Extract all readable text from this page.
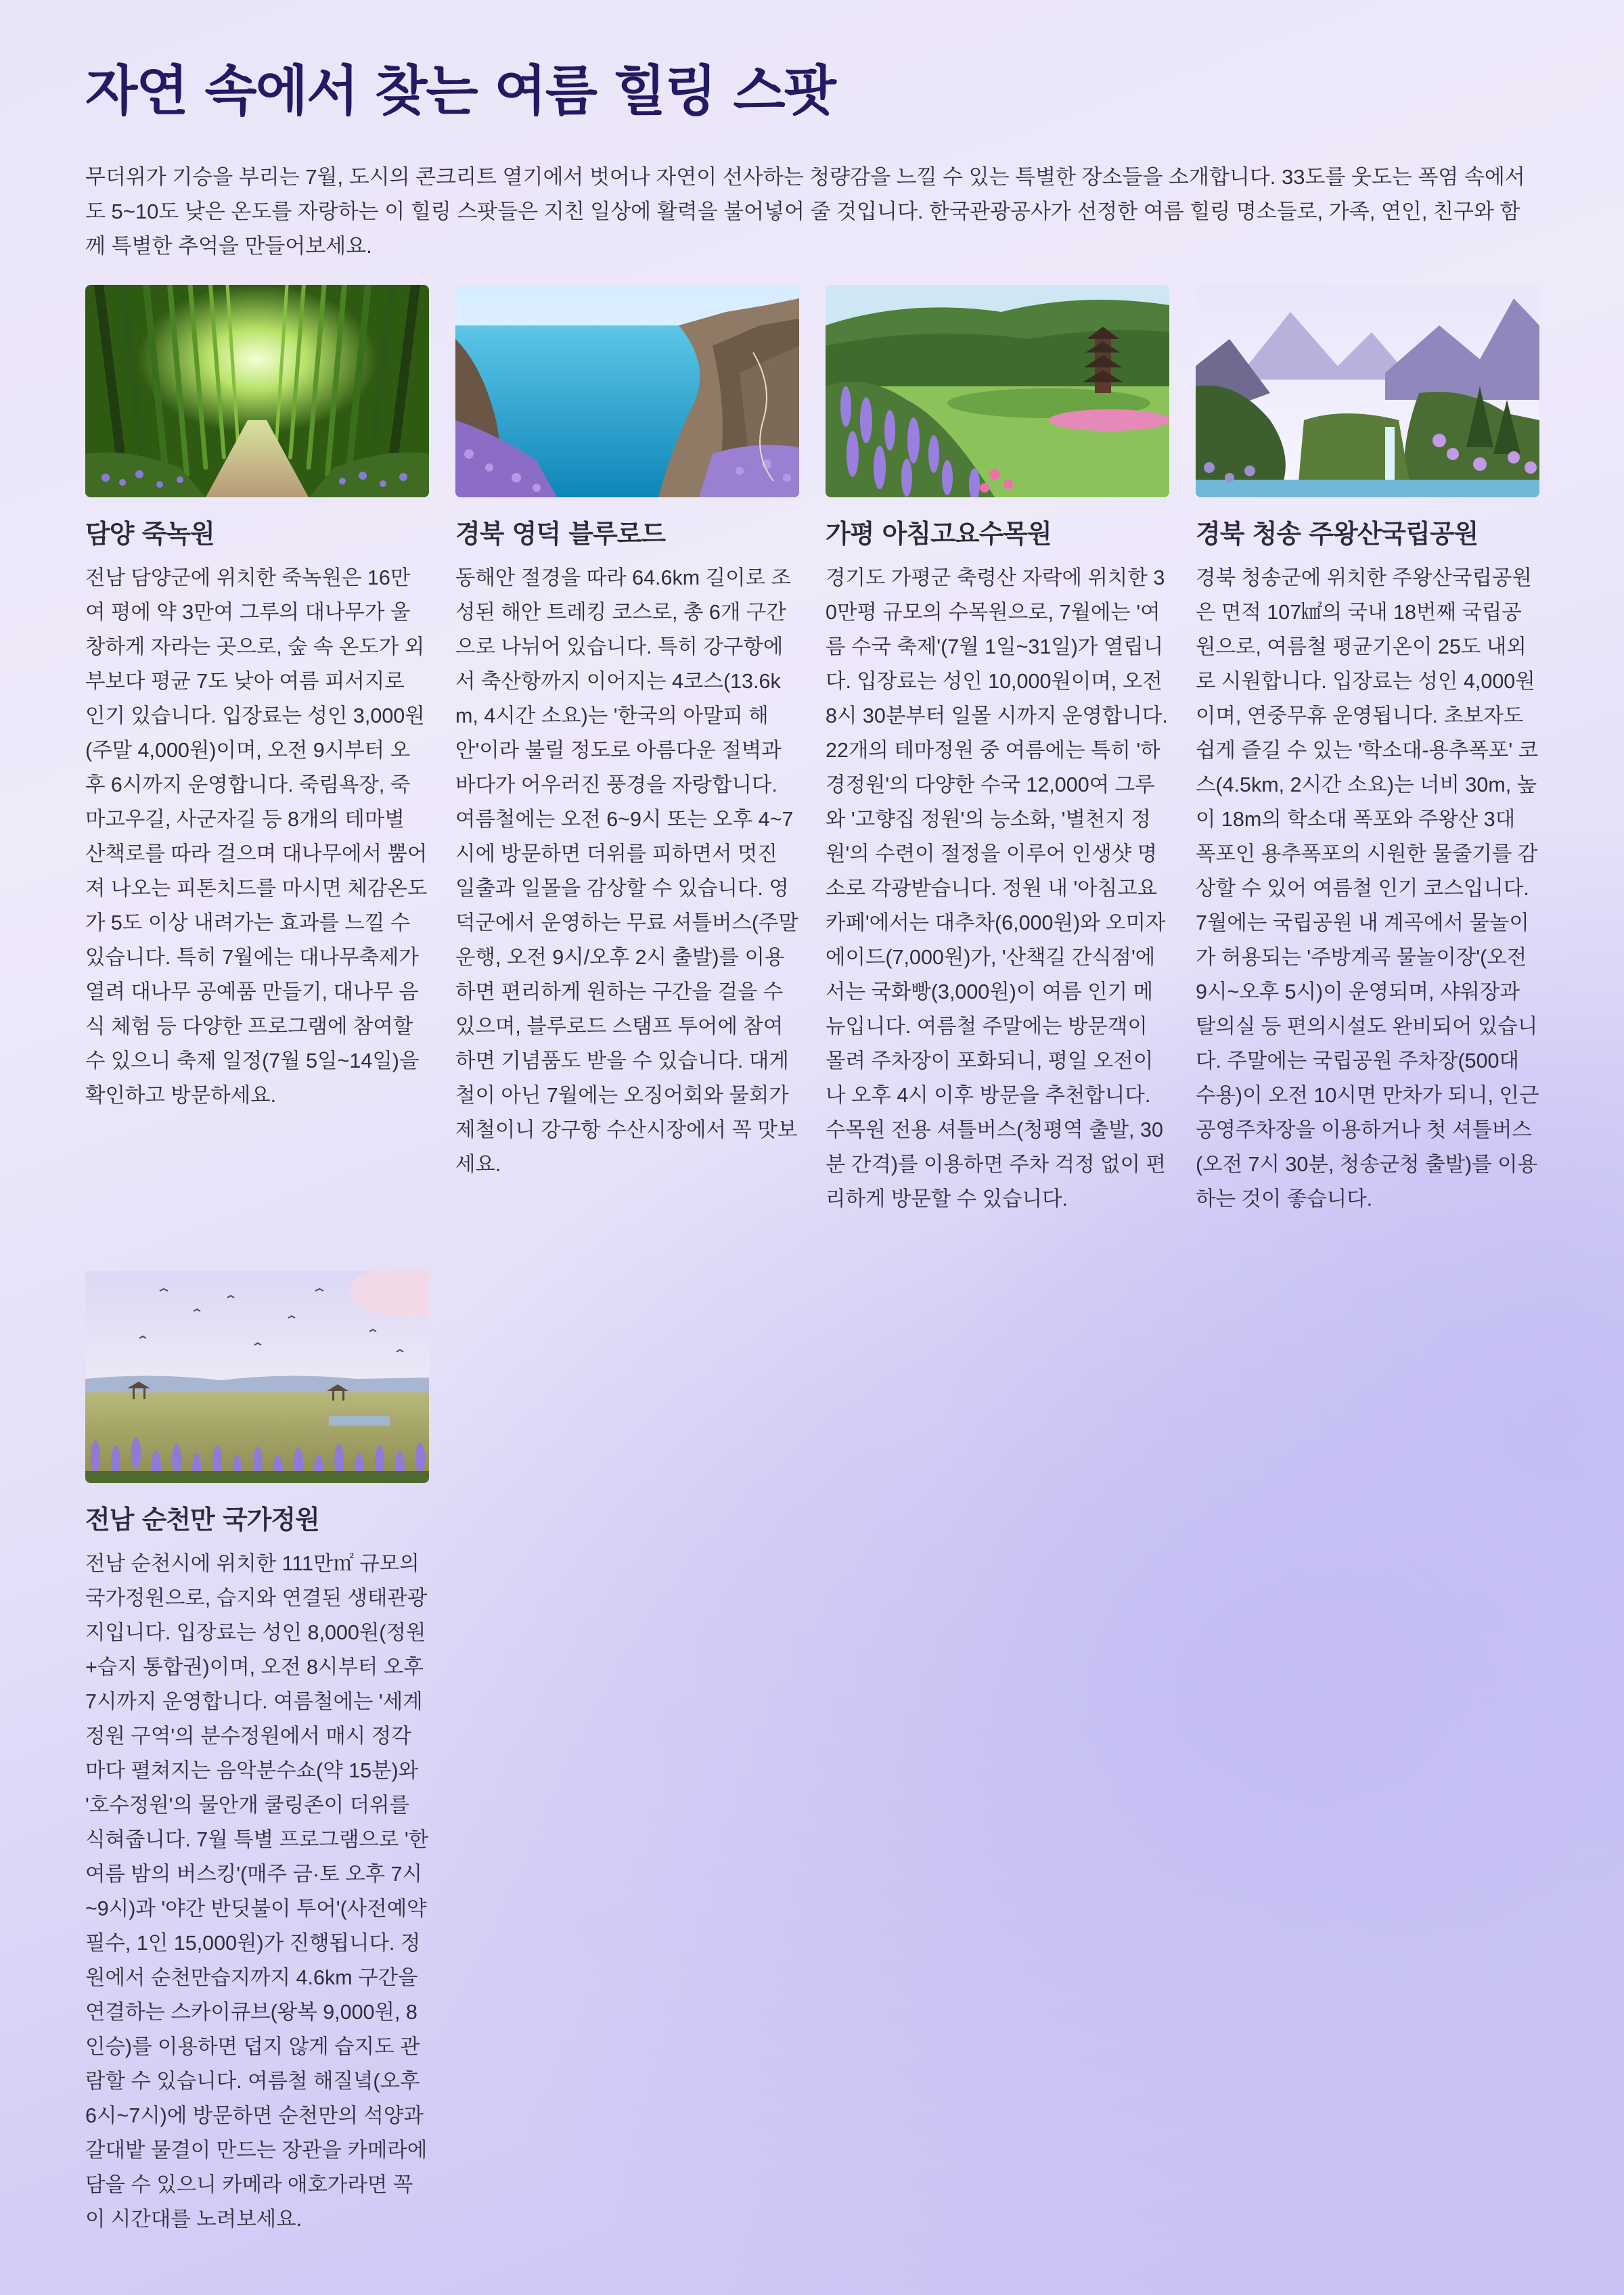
자연 속에서 찾는 여름 힐링 스팟

무더위가 기승을 부리는 7월, 도시의 콘크리트 열기에서 벗어나 자연이 선사하는 청량감을 느낄 수 있는 특별한 장소들을 소개합니다. 33도를 웃도는 폭염 속에서도 5~10도 낮은 온도를 자랑하는 이 힐링 스팟들은 지친 일상에 활력을 불어넣어 줄 것입니다. 한국관광공사가 선정한 여름 힐링 명소들로, 가족, 연인, 친구와 함께 특별한 추억을 만들어보세요.

담양 죽녹원

전남 담양군에 위치한 죽녹원은 16만여 평에 약 3만여 그루의 대나무가 울창하게 자라는 곳으로, 숲 속 온도가 외부보다 평균 7도 낮아 여름 피서지로 인기 있습니다. 입장료는 성인 3,000원(주말 4,000원)이며, 오전 9시부터 오후 6시까지 운영합니다. 죽림욕장, 죽마고우길, 사군자길 등 8개의 테마별 산책로를 따라 걸으며 대나무에서 뿜어져 나오는 피톤치드를 마시면 체감온도가 5도 이상 내려가는 효과를 느낄 수 있습니다. 특히 7월에는 대나무축제가 열려 대나무 공예품 만들기, 대나무 음식 체험 등 다양한 프로그램에 참여할 수 있으니 축제 일정(7월 5일~14일)을 확인하고 방문하세요.

경북 영덕 블루로드

동해안 절경을 따라 64.6km 길이로 조성된 해안 트레킹 코스로, 총 6개 구간으로 나뉘어 있습니다. 특히 강구항에서 축산항까지 이어지는 4코스(13.6km, 4시간 소요)는 '한국의 아말피 해안'이라 불릴 정도로 아름다운 절벽과 바다가 어우러진 풍경을 자랑합니다. 여름철에는 오전 6~9시 또는 오후 4~7시에 방문하면 더위를 피하면서 멋진 일출과 일몰을 감상할 수 있습니다. 영덕군에서 운영하는 무료 셔틀버스(주말 운행, 오전 9시/오후 2시 출발)를 이용하면 편리하게 원하는 구간을 걸을 수 있으며, 블루로드 스탬프 투어에 참여하면 기념품도 받을 수 있습니다. 대게철이 아닌 7월에는 오징어회와 물회가 제철이니 강구항 수산시장에서 꼭 맛보세요.

가평 아침고요수목원

경기도 가평군 축령산 자락에 위치한 30만평 규모의 수목원으로, 7월에는 '여름 수국 축제'(7월 1일~31일)가 열립니다. 입장료는 성인 10,000원이며, 오전 8시 30분부터 일몰 시까지 운영합니다. 22개의 테마정원 중 여름에는 특히 '하경정원'의 다양한 수국 12,000여 그루와 '고향집 정원'의 능소화, '별천지 정원'의 수련이 절정을 이루어 인생샷 명소로 각광받습니다. 정원 내 '아침고요 카페'에서는 대추차(6,000원)와 오미자에이드(7,000원)가, '산책길 간식점'에서는 국화빵(3,000원)이 여름 인기 메뉴입니다. 여름철 주말에는 방문객이 몰려 주차장이 포화되니, 평일 오전이나 오후 4시 이후 방문을 추천합니다. 수목원 전용 셔틀버스(청평역 출발, 30분 간격)를 이용하면 주차 걱정 없이 편리하게 방문할 수 있습니다.

경북 청송 주왕산국립공원

경북 청송군에 위치한 주왕산국립공원은 면적 107㎢의 국내 18번째 국립공원으로, 여름철 평균기온이 25도 내외로 시원합니다. 입장료는 성인 4,000원이며, 연중무휴 운영됩니다. 초보자도 쉽게 즐길 수 있는 '학소대-용추폭포' 코스(4.5km, 2시간 소요)는 너비 30m, 높이 18m의 학소대 폭포와 주왕산 3대 폭포인 용추폭포의 시원한 물줄기를 감상할 수 있어 여름철 인기 코스입니다. 7월에는 국립공원 내 계곡에서 물놀이가 허용되는 '주방계곡 물놀이장'(오전 9시~오후 5시)이 운영되며, 샤워장과 탈의실 등 편의시설도 완비되어 있습니다. 주말에는 국립공원 주차장(500대 수용)이 오전 10시면 만차가 되니, 인근 공영주차장을 이용하거나 첫 셔틀버스(오전 7시 30분, 청송군청 출발)를 이용하는 것이 좋습니다.

전남 순천만 국가정원

전남 순천시에 위치한 111만㎡ 규모의 국가정원으로, 습지와 연결된 생태관광지입니다. 입장료는 성인 8,000원(정원+습지 통합권)이며, 오전 8시부터 오후 7시까지 운영합니다. 여름철에는 '세계정원 구역'의 분수정원에서 매시 정각마다 펼쳐지는 음악분수쇼(약 15분)와 '호수정원'의 물안개 쿨링존이 더위를 식혀줍니다. 7월 특별 프로그램으로 '한여름 밤의 버스킹'(매주 금·토 오후 7시~9시)과 '야간 반딧불이 투어'(사전예약 필수, 1인 15,000원)가 진행됩니다. 정원에서 순천만습지까지 4.6km 구간을 연결하는 스카이큐브(왕복 9,000원, 8인승)를 이용하면 덥지 않게 습지도 관람할 수 있습니다. 여름철 해질녘(오후 6시~7시)에 방문하면 순천만의 석양과 갈대밭 물결이 만드는 장관을 카메라에 담을 수 있으니 카메라 애호가라면 꼭 이 시간대를 노려보세요.
